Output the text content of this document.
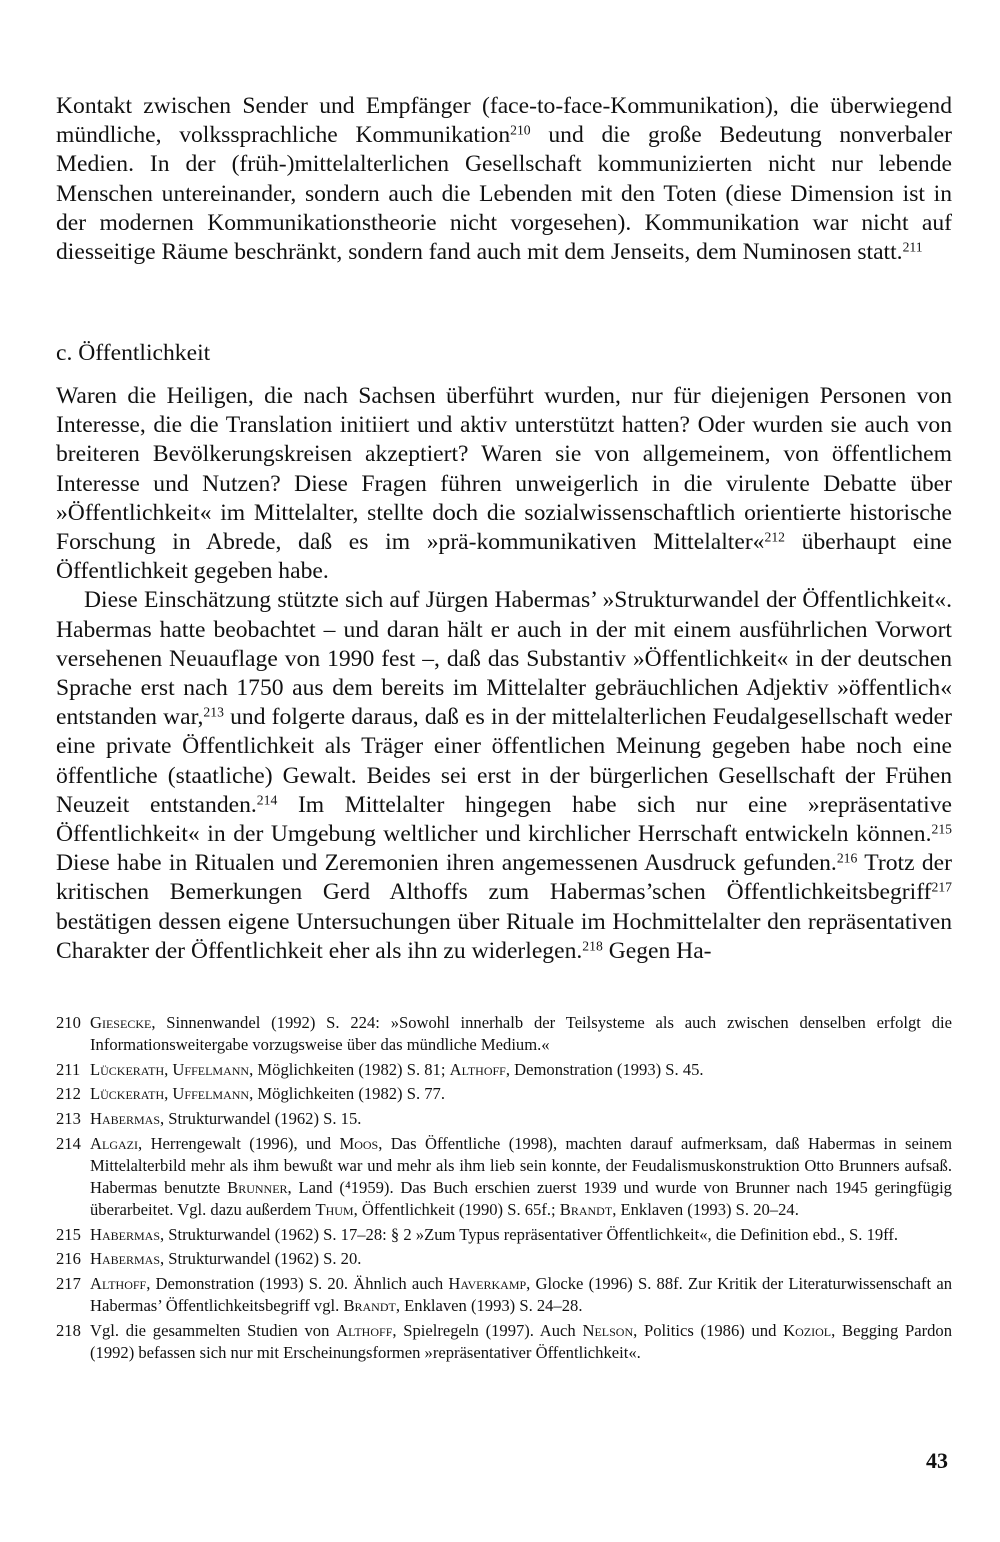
Kontakt zwischen Sender und Empfänger (face-to-face-Kommunikation), die überwiegend mündliche, volkssprachliche Kommunikation$^{210}$ und die große Bedeutung nonverbaler Medien. In der (früh-)mittelalterlichen Gesellschaft kommunizierten nicht nur lebende Menschen untereinander, sondern auch die Lebenden mit den Toten (diese Dimension ist in der modernen Kommunikationstheorie nicht vorgesehen). Kommunikation war nicht auf diesseitige Räume beschränkt, sondern fand auch mit dem Jenseits, dem Numinosen statt.$^{211}$

c. Öffentlichkeit

Waren die Heiligen, die nach Sachsen überführt wurden, nur für diejenigen Personen von Interesse, die die Translation initiiert und aktiv unterstützt hatten? Oder wurden sie auch von breiteren Bevölkerungskreisen akzeptiert? Waren sie von allgemeinem, von öffentlichem Interesse und Nutzen? Diese Fragen führen unweigerlich in die virulente Debatte über »Öffentlichkeit« im Mittelalter, stellte doch die sozialwissenschaftlich orientierte historische Forschung in Abrede, daß es im »prä-kommunikativen Mittelalter«$^{212}$ überhaupt eine Öffentlichkeit gegeben habe.

Diese Einschätzung stützte sich auf Jürgen Habermas’ »Strukturwandel der Öffentlichkeit«. Habermas hatte beobachtet – und daran hält er auch in der mit einem ausführlichen Vorwort versehenen Neuauflage von 1990 fest –, daß das Substantiv »Öffentlichkeit« in der deutschen Sprache erst nach 1750 aus dem bereits im Mittelalter gebräuchlichen Adjektiv »öffentlich« entstanden war,$^{213}$ und folgerte daraus, daß es in der mittelalterlichen Feudalgesellschaft weder eine private Öffentlichkeit als Träger einer öffentlichen Meinung gegeben habe noch eine öffentliche (staatliche) Gewalt. Beides sei erst in der bürgerlichen Gesellschaft der Frühen Neuzeit entstanden.$^{214}$ Im Mittelalter hingegen habe sich nur eine »repräsentative Öffentlichkeit« in der Umgebung weltlicher und kirchlicher Herrschaft entwickeln können.$^{215}$ Diese habe in Ritualen und Zeremonien ihren angemessenen Ausdruck gefunden.$^{216}$ Trotz der kritischen Bemerkungen Gerd Althoffs zum Habermas’schen Öffentlichkeitsbegriff$^{217}$ bestätigen dessen eigene Untersuchungen über Rituale im Hochmittelalter den repräsentativen Charakter der Öffentlichkeit eher als ihn zu widerlegen.$^{218}$ Gegen Ha-

210 Giesecke, Sinnenwandel (1992) S. 224: »Sowohl innerhalb der Teilsysteme als auch zwischen denselben erfolgt die Informationsweitergabe vorzugsweise über das mündliche Medium.«
211 Lückerath, Uffelmann, Möglichkeiten (1982) S. 81; Althoff, Demonstration (1993) S. 45.
212 Lückerath, Uffelmann, Möglichkeiten (1982) S. 77.
213 Habermas, Strukturwandel (1962) S. 15.
214 Algazi, Herrengewalt (1996), und Moos, Das Öffentliche (1998), machten darauf aufmerksam, daß Habermas in seinem Mittelalterbild mehr als ihm bewußt war und mehr als ihm lieb sein konnte, der Feudalismuskonstruktion Otto Brunners aufsaß. Habermas benutzte Brunner, Land (⁴1959). Das Buch erschien zuerst 1939 und wurde von Brunner nach 1945 geringfügig überarbeitet. Vgl. dazu außerdem Thum, Öffentlichkeit (1990) S. 65f.; Brandt, Enklaven (1993) S. 20–24.
215 Habermas, Strukturwandel (1962) S. 17–28: § 2 »Zum Typus repräsentativer Öffentlichkeit«, die Definition ebd., S. 19ff.
216 Habermas, Strukturwandel (1962) S. 20.
217 Althoff, Demonstration (1993) S. 20. Ähnlich auch Haverkamp, Glocke (1996) S. 88f. Zur Kritik der Literaturwissenschaft an Habermas’ Öffentlichkeitsbegriff vgl. Brandt, Enklaven (1993) S. 24–28.
218 Vgl. die gesammelten Studien von Althoff, Spielregeln (1997). Auch Nelson, Politics (1986) und Koziol, Begging Pardon (1992) befassen sich nur mit Erscheinungsformen »repräsentativer Öffentlichkeit«.
43
